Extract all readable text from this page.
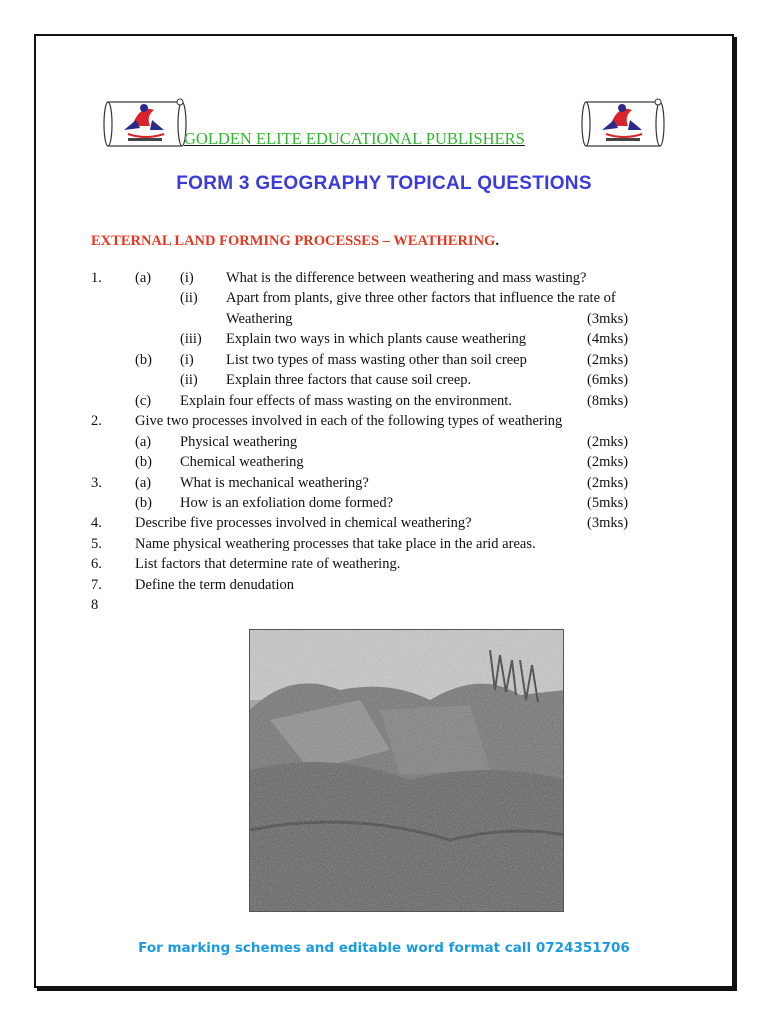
GOLDEN ELITE EDUCATIONAL PUBLISHERS
FORM 3 GEOGRAPHY TOPICAL QUESTIONS
EXTERNAL LAND FORMING PROCESSES – WEATHERING.
1. (a) (i) What is the difference between weathering and mass wasting?
(ii) Apart from plants, give three other factors that influence the rate of
Weathering	(3mks)
(iii) Explain two ways in which plants cause weathering	(4mks)
(b) (i) List two types of mass wasting other than soil creep	(2mks)
(ii) Explain three factors that cause soil creep.	(6mks)
(c) Explain four effects of mass wasting on the environment.	(8mks)
2. Give two processes involved in each of the following types of weathering
(a) Physical weathering	(2mks)
(b) Chemical weathering	(2mks)
3. (a) What is mechanical weathering?	(2mks)
(b) How is an exfoliation dome formed?	(5mks)
4. Describe five processes involved in chemical weathering?	(3mks)
5. Name physical weathering processes that take place in the arid areas.
6. List factors that determine rate of weathering.
7. Define the term denudation
8
For marking schemes and editable word format call 0724351706
